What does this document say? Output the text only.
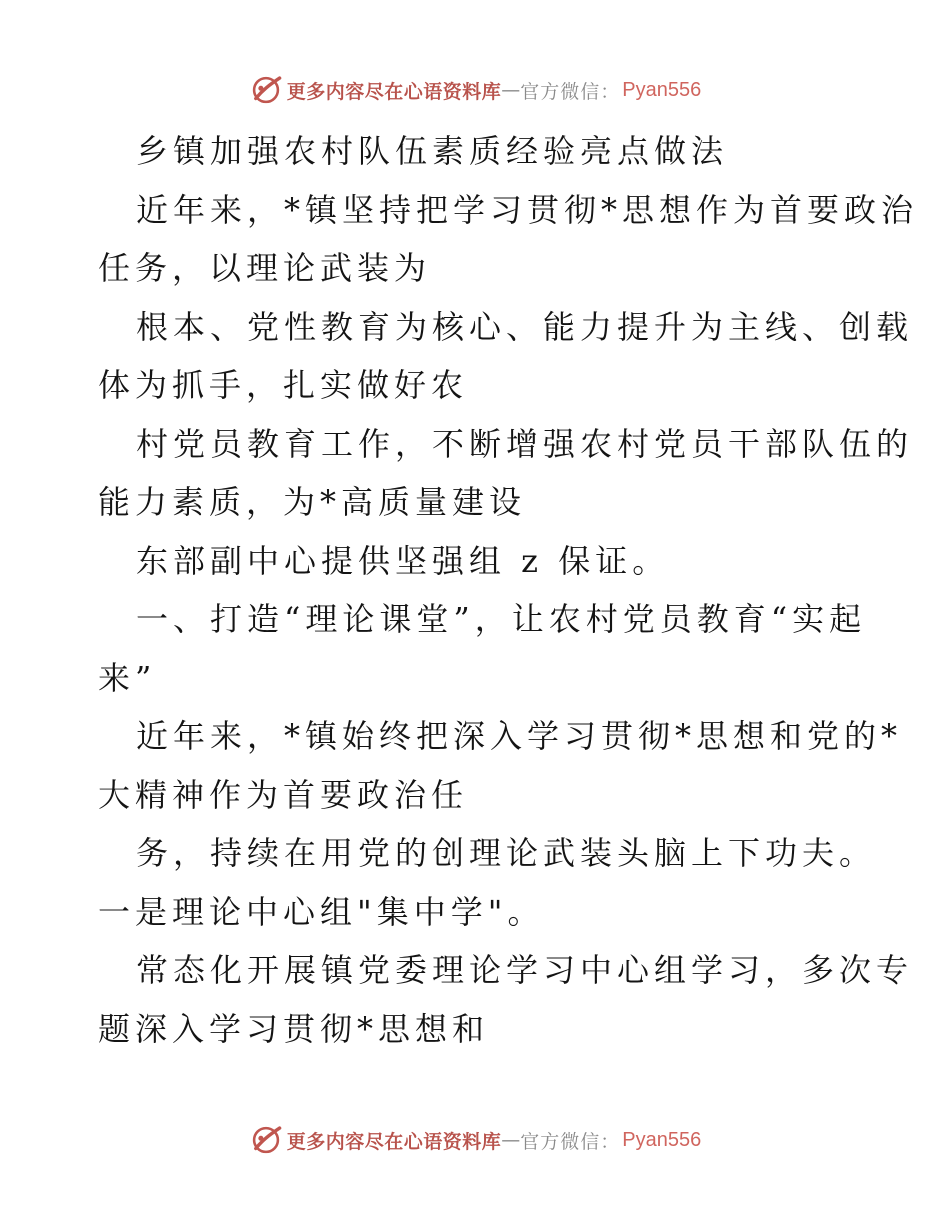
更多内容尽在心语资料库 — 官方微信： Pyan556
乡镇加强农村队伍素质经验亮点做法
近年来，*镇坚持把学习贯彻*思想作为首要政治
任务，以理论武装为
根本、党性教育为核心、能力提升为主线、创载
体为抓手，扎实做好农
村党员教育工作，不断增强农村党员干部队伍的
能力素质，为*高质量建设
东部副中心提供坚强组 z 保证。
一、打造“理论课堂”，让农村党员教育“实起
来”
近年来，*镇始终把深入学习贯彻*思想和党的*
大精神作为首要政治任
务，持续在用党的创理论武装头脑上下功夫。
一是理论中心组"集中学"。
常态化开展镇党委理论学习中心组学习，多次专
题深入学习贯彻*思想和
更多内容尽在心语资料库 — 官方微信： Pyan556
